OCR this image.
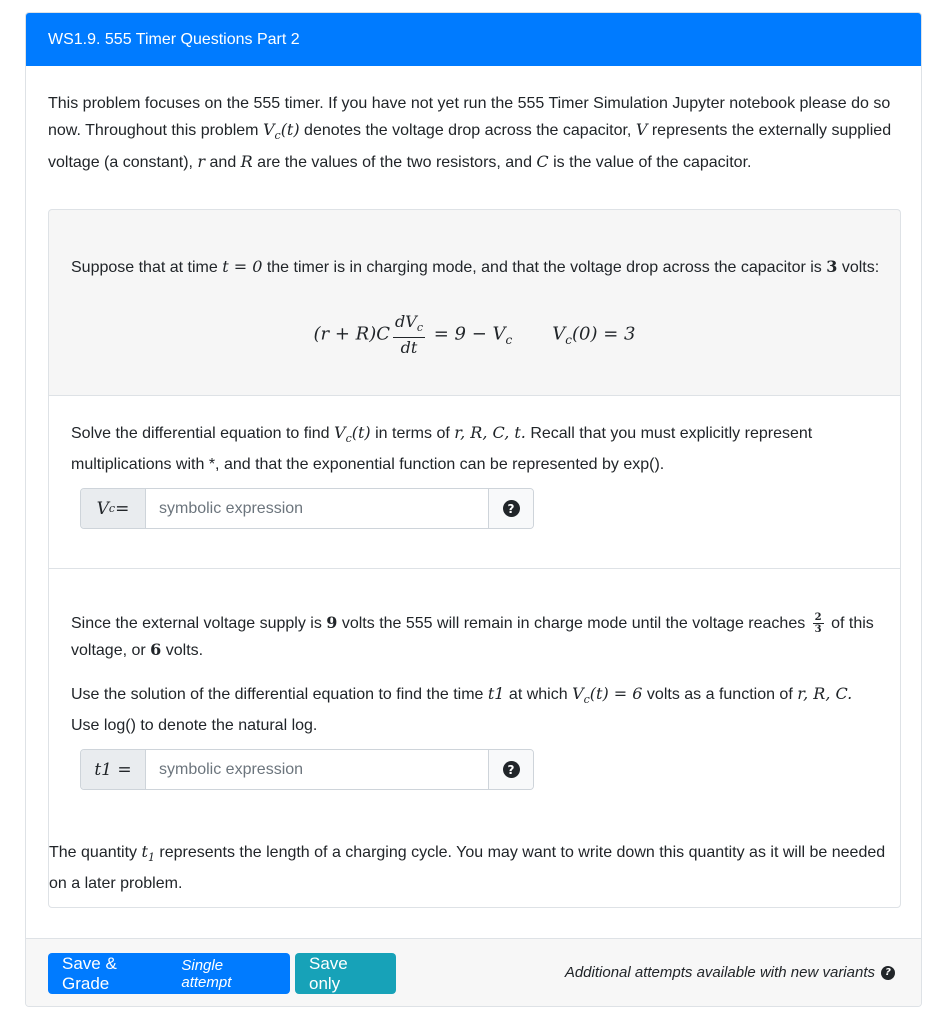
WS1.9. 555 Timer Questions Part 2
This problem focuses on the 555 timer. If you have not yet run the 555 Timer Simulation Jupyter notebook please do so now. Throughout this problem $V_c(t)$ denotes the voltage drop across the capacitor, V represents the externally supplied voltage (a constant), r and R are the values of the two resistors, and C is the value of the capacitor.
Suppose that at time t = 0 the timer is in charging mode, and that the voltage drop across the capacitor is 3 volts:
$(r + R)C \frac{dV_c}{dt} = 9 - V_c$ $V_c(0) = 3$
Solve the differential equation to find $V_c(t)$ in terms of r, R, C, t. Recall that you must explicitly represent multiplications with *, and that the exponential function can be represented by exp().
V c =
symbolic expression	?
Since the external voltage supply is 9 volts the 555 will remain in charge mode until the voltage reaches $\frac{2}{3}$ of this voltage, or 6 volts.
Use the solution of the differential equation to find the time t1 at which $V_c(t) = 6$ volts as a function of r, R, C. Use log() to denote the natural log.
t1 =
symbolic expression	?
The quantity $t_1$ represents the length of a charging cycle. You may want to write down this quantity as it will be needed on a later problem.
Save & Grade
Single attempt
Save only
Additional attempts available with new variants	?
